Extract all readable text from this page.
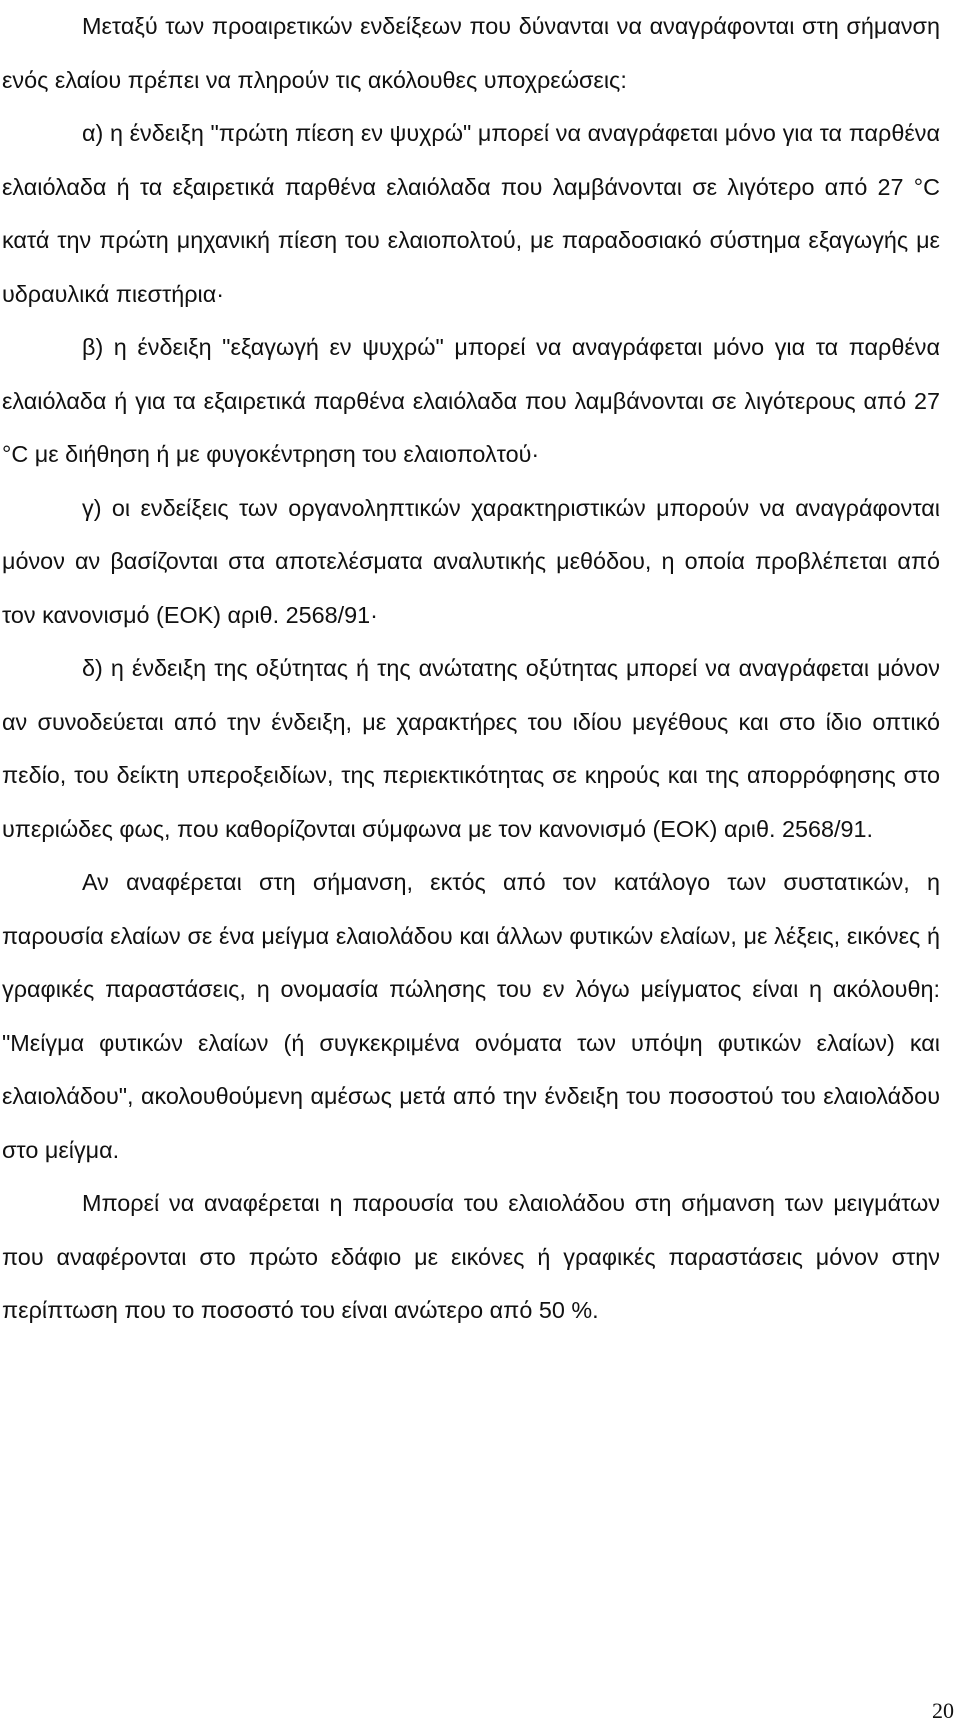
Μεταξύ των προαιρετικών ενδείξεων που δύνανται να αναγράφονται στη σήμανση ενός ελαίου πρέπει να πληρούν τις ακόλουθες υποχρεώσεις:

α) η ένδειξη "πρώτη πίεση εν ψυχρώ" μπορεί να αναγράφεται μόνο για τα παρθένα ελαιόλαδα ή τα εξαιρετικά παρθένα ελαιόλαδα που λαμβάνονται σε λιγότερο από 27 °C κατά την πρώτη μηχανική πίεση του ελαιοπολτού, με παραδοσιακό σύστημα εξαγωγής με υδραυλικά πιεστήρια·

β) η ένδειξη "εξαγωγή εν ψυχρώ" μπορεί να αναγράφεται μόνο για τα παρθένα ελαιόλαδα ή για τα εξαιρετικά παρθένα ελαιόλαδα που λαμβάνονται σε λιγότερους από 27 °C με διήθηση ή με φυγοκέντρηση του ελαιοπολτού·

γ) οι ενδείξεις των οργανοληπτικών χαρακτηριστικών μπορούν να αναγράφονται μόνον αν βασίζονται στα αποτελέσματα αναλυτικής μεθόδου, η οποία προβλέπεται από τον κανονισμό (ΕΟΚ) αριθ. 2568/91·

δ) η ένδειξη της οξύτητας ή της ανώτατης οξύτητας μπορεί να αναγράφεται μόνον αν συνοδεύεται από την ένδειξη, με χαρακτήρες του ιδίου μεγέθους και στο ίδιο οπτικό πεδίο, του δείκτη υπεροξειδίων, της περιεκτικότητας σε κηρούς και της απορρόφησης στο υπεριώδες φως, που καθορίζονται σύμφωνα με τον κανονισμό (ΕΟΚ) αριθ. 2568/91.

Αν αναφέρεται στη σήμανση, εκτός από τον κατάλογο των συστατικών, η παρουσία ελαίων σε ένα μείγμα ελαιολάδου και άλλων φυτικών ελαίων, με λέξεις, εικόνες ή γραφικές παραστάσεις, η ονομασία πώλησης του εν λόγω μείγματος είναι η ακόλουθη: "Μείγμα φυτικών ελαίων (ή συγκεκριμένα ονόματα των υπόψη φυτικών ελαίων) και ελαιολάδου", ακολουθούμενη αμέσως μετά από την ένδειξη του ποσοστού του ελαιολάδου στο μείγμα.

Μπορεί να αναφέρεται η παρουσία του ελαιολάδου στη σήμανση των μειγμάτων που αναφέρονται στο πρώτο εδάφιο με εικόνες ή γραφικές παραστάσεις μόνον στην περίπτωση που το ποσοστό του είναι ανώτερο από 50 %.

20
